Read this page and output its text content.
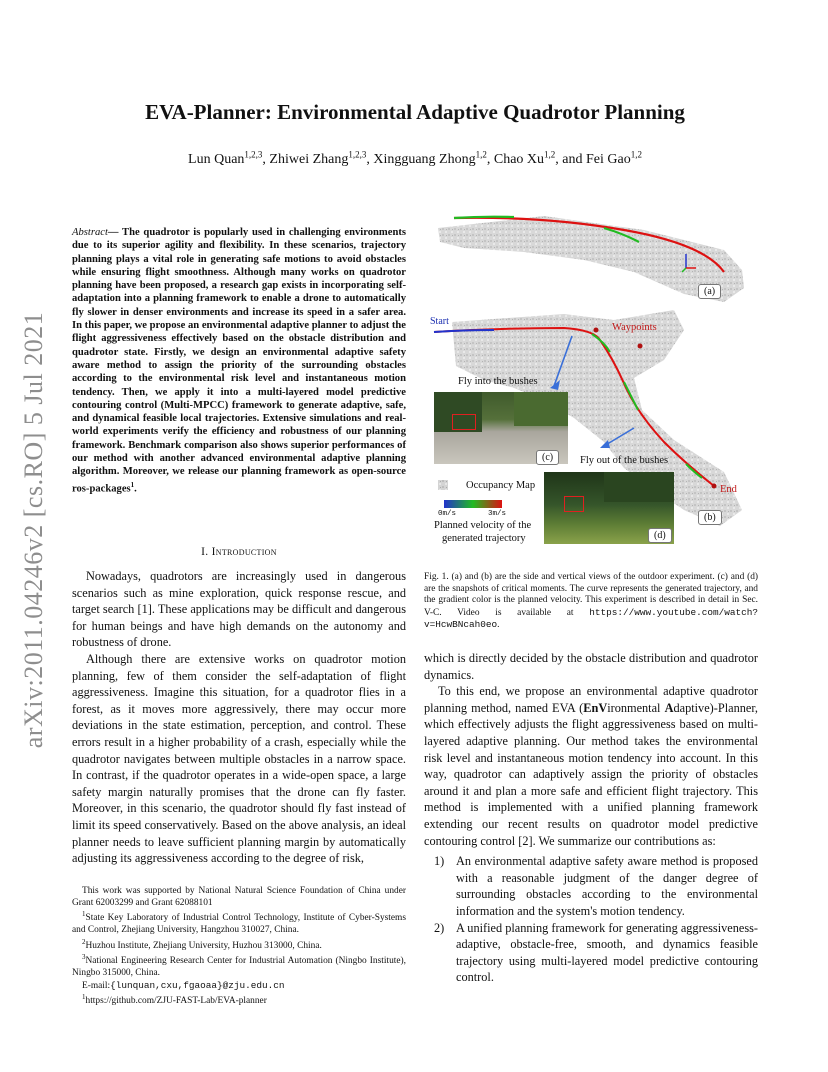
arXiv:2011.04246v2 [cs.RO] 5 Jul 2021
EVA-Planner: Environmental Adaptive Quadrotor Planning
Lun Quan$^{1,2,3}$, Zhiwei Zhang$^{1,2,3}$, Xingguang Zhong$^{1,2}$, Chao Xu$^{1,2}$, and Fei Gao$^{1,2}$
Abstract— The quadrotor is popularly used in challenging environments due to its superior agility and flexibility. In these scenarios, trajectory planning plays a vital role in generating safe motions to avoid obstacles while ensuring flight smoothness. Although many works on quadrotor planning have been proposed, a research gap exists in incorporating self-adaptation into a planning framework to enable a drone to automatically fly slower in denser environments and increase its speed in a safer area. In this paper, we propose an environmental adaptive planner to adjust the flight aggressiveness effectively based on the obstacle distribution and quadrotor state. Firstly, we design an environmental adaptive safety aware method to assign the priority of the surrounding obstacles according to the environmental risk level and instantaneous motion tendency. Then, we apply it into a multi-layered model predictive contouring control (Multi-MPCC) framework to generate adaptive, safe, and dynamical feasible local trajectories. Extensive simulations and real-world experiments verify the efficiency and robustness of our planning framework. Benchmark comparison also shows superior performances of our method with another advanced environmental adaptive planning algorithm. Moreover, we release our planning framework as open-source ros-packages$^1$.
I. Introduction

Nowadays, quadrotors are increasingly used in dangerous scenarios such as mine exploration, quick response rescue, and target search [1]. These applications may be difficult and dangerous for human beings and have high demands on the autonomy and robustness of drone.

Although there are extensive works on quadrotor motion planning, few of them consider the self-adaptation of flight aggressiveness. Imagine this situation, for a quadrotor flies in a forest, as it moves more aggressively, there may occur more deviations in the state estimation, perception, and control. These errors result in a higher probability of a crash, especially while the quadrotor navigates between multiple obstacles in a narrow space. In contrast, if the quadrotor operates in a wide-open space, a large safety margin naturally promises that the drone can fly faster. Moreover, in this scenario, the quadrotor should fly fast instead of limit its speed conservatively. Based on the above analysis, an ideal planner needs to leave sufficient planning margin by automatically adjusting its aggressiveness according to the degree of risk,

This work was supported by National Natural Science Foundation of China under Grant 62003299 and Grant 62088101

$^1$State Key Laboratory of Industrial Control Technology, Institute of Cyber-Systems and Control, Zhejiang University, Hangzhou 310027, China.

$^2$Huzhou Institute, Zhejiang University, Huzhou 313000, China.

$^3$National Engineering Research Center for Industrial Automation (Ningbo Institute), Ningbo 315000, China.

E-mail:{lunquan,cxu,fgaoaa}@zju.edu.cn

$^1$https://github.com/ZJU-FAST-Lab/EVA-planner

(a)
(b)
(c)
(d)
Start
Waypoints
End
Fly into the bushes
Fly out of the bushes
Occupancy Map
0m/s	3m/s
Planned velocity of the
generated trajectory
Fig. 1. (a) and (b) are the side and vertical views of the outdoor experiment. (c) and (d) are the snapshots of critical moments. The curve represents the generated trajectory, and the gradient color is the planned velocity. This experiment is described in detail in Sec. V-C. Video is available at https://www.youtube.com/watch?v=HcwBNcah0eo.

which is directly decided by the obstacle distribution and quadrotor dynamics.

To this end, we propose an environmental adaptive quadrotor planning method, named EVA (EnVironmental Adaptive)-Planner, which effectively adjusts the flight aggressiveness based on multi-layered adaptive planning. Our method takes the environmental risk level and instantaneous motion tendency into account. In this way, quadrotor can adaptively assign the priority of obstacles around it and plan a more safe and efficient flight trajectory. This method is implemented with a unified planning framework extending our recent results on quadrotor model predictive contouring control [2]. We summarize our contributions as:

1) An environmental adaptive safety aware method is proposed with a reasonable judgment of the danger degree of surrounding obstacles according to the environmental information and the system's motion tendency.
2) A unified planning framework for generating aggressiveness-adaptive, obstacle-free, smooth, and dynamics feasible trajectory using multi-layered model predictive contouring control.
